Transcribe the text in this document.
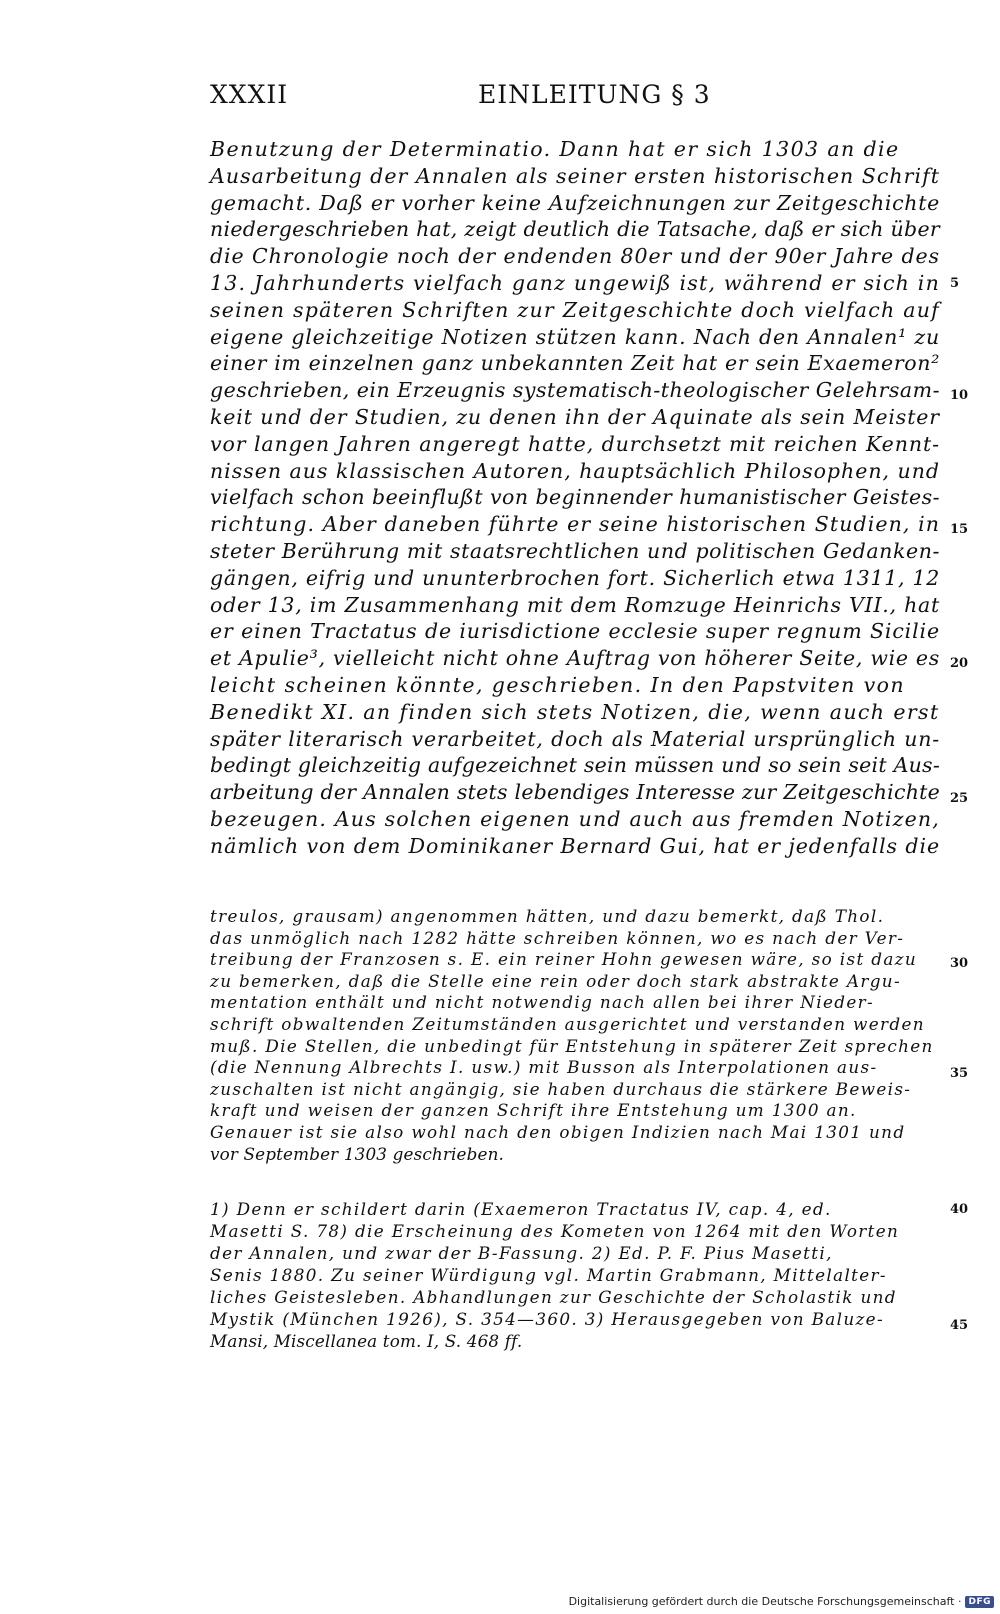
XXXII	EINLEITUNG § 3
Benutzung der Determinatio. Dann hat er sich 1303 an die
Ausarbeitung der Annalen als seiner ersten historischen Schrift
gemacht. Daß er vorher keine Aufzeichnungen zur Zeitgeschichte
niedergeschrieben hat, zeigt deutlich die Tatsache, daß er sich über
die Chronologie noch der endenden 80er und der 90er Jahre des
13. Jahrhunderts vielfach ganz ungewiß ist, während er sich in
seinen späteren Schriften zur Zeitgeschichte doch vielfach auf
eigene gleichzeitige Notizen stützen kann. Nach den Annalen¹ zu
einer im einzelnen ganz unbekannten Zeit hat er sein Exaemeron²
geschrieben, ein Erzeugnis systematisch-theologischer Gelehrsam-
keit und der Studien, zu denen ihn der Aquinate als sein Meister
vor langen Jahren angeregt hatte, durchsetzt mit reichen Kennt-
nissen aus klassischen Autoren, hauptsächlich Philosophen, und
vielfach schon beeinflußt von beginnender humanistischer Geistes-
richtung. Aber daneben führte er seine historischen Studien, in
steter Berührung mit staatsrechtlichen und politischen Gedanken-
gängen, eifrig und ununterbrochen fort. Sicherlich etwa 1311, 12
oder 13, im Zusammenhang mit dem Romzuge Heinrichs VII., hat
er einen Tractatus de iurisdictione ecclesie super regnum Sicilie
et Apulie³, vielleicht nicht ohne Auftrag von höherer Seite, wie es
leicht scheinen könnte, geschrieben. In den Papstviten von
Benedikt XI. an finden sich stets Notizen, die, wenn auch erst
später literarisch verarbeitet, doch als Material ursprünglich un-
bedingt gleichzeitig aufgezeichnet sein müssen und so sein seit Aus-
arbeitung der Annalen stets lebendiges Interesse zur Zeitgeschichte
bezeugen. Aus solchen eigenen und auch aus fremden Notizen,
nämlich von dem Dominikaner Bernard Gui, hat er jedenfalls die
treulos, grausam) angenommen hätten, und dazu bemerkt, daß Thol.
das unmöglich nach 1282 hätte schreiben können, wo es nach der Ver-
treibung der Franzosen s. E. ein reiner Hohn gewesen wäre, so ist dazu
zu bemerken, daß die Stelle eine rein oder doch stark abstrakte Argu-
mentation enthält und nicht notwendig nach allen bei ihrer Nieder-
schrift obwaltenden Zeitumständen ausgerichtet und verstanden werden
muß. Die Stellen, die unbedingt für Entstehung in späterer Zeit sprechen
(die Nennung Albrechts I. usw.) mit Busson als Interpolationen aus-
zuschalten ist nicht angängig, sie haben durchaus die stärkere Beweis-
kraft und weisen der ganzen Schrift ihre Entstehung um 1300 an.
Genauer ist sie also wohl nach den obigen Indizien nach Mai 1301 und
vor September 1303 geschrieben.
1) Denn er schildert darin (Exaemeron Tractatus IV, cap. 4, ed.
Masetti S. 78) die Erscheinung des Kometen von 1264 mit den Worten
der Annalen, und zwar der B-Fassung. 2) Ed. P. F. Pius Masetti,
Senis 1880. Zu seiner Würdigung vgl. Martin Grabmann, Mittelalter-
liches Geistesleben. Abhandlungen zur Geschichte der Scholastik und
Mystik (München 1926), S. 354—360. 3) Herausgegeben von Baluze-
Mansi, Miscellanea tom. I, S. 468 ff.
5
10
15
20
25
30
35
40
45
Digitalisierung gefördert durch die Deutsche Forschungsgemeinschaft · DFG
